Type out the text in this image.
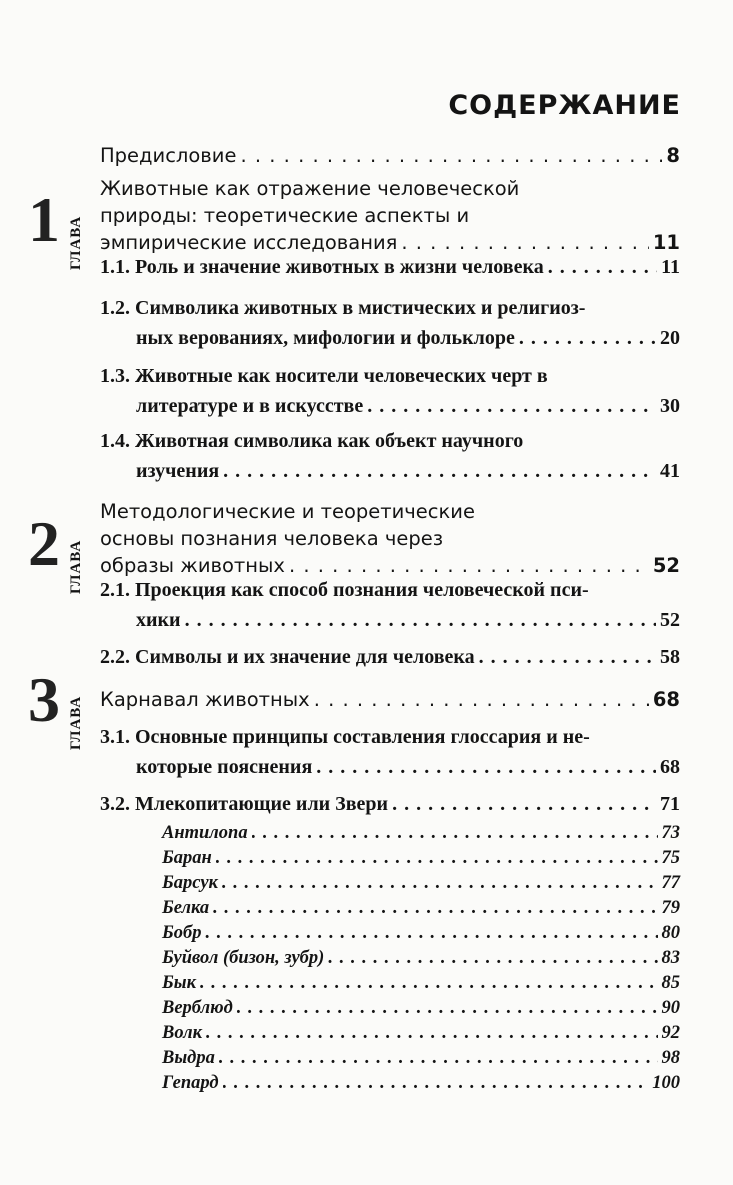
СОДЕРЖАНИЕ
1 ГЛАВА
2 ГЛАВА
3 ГЛАВА
Предисловие . . .	8
Животные как отражение человеческой
природы: теоретические аспекты и
эмпирические исследования . . .	11
1.1. Роль и значение животных в жизни человека . . .	11
1.2. Символика животных в мистических и религиоз-
ных верованиях, мифологии и фольклоре . . .	20
1.3. Животные как носители человеческих черт в
литературе и в искусстве . . .	30
1.4. Животная символика как объект научного
изучения . . .	41
Методологические и теоретические
основы познания человека через
образы животных . . .	52
2.1. Проекция как способ познания человеческой пси-
хики . . .	52
2.2. Символы и их значение для человека . . .	58
Карнавал животных . . .	68
3.1. Основные принципы составления глоссария и не-
которые пояснения . . .	68
3.2. Млекопитающие или Звери . . .	71
Антилопа . . .	73
Баран . . .	75
Барсук . . .	77
Белка . . .	79
Бобр . . .	80
Буйвол (бизон, зубр) . . .	83
Бык . . .	85
Верблюд . . .	90
Волк . . .	92
Выдра . . .	98
Гепард . . .	100
